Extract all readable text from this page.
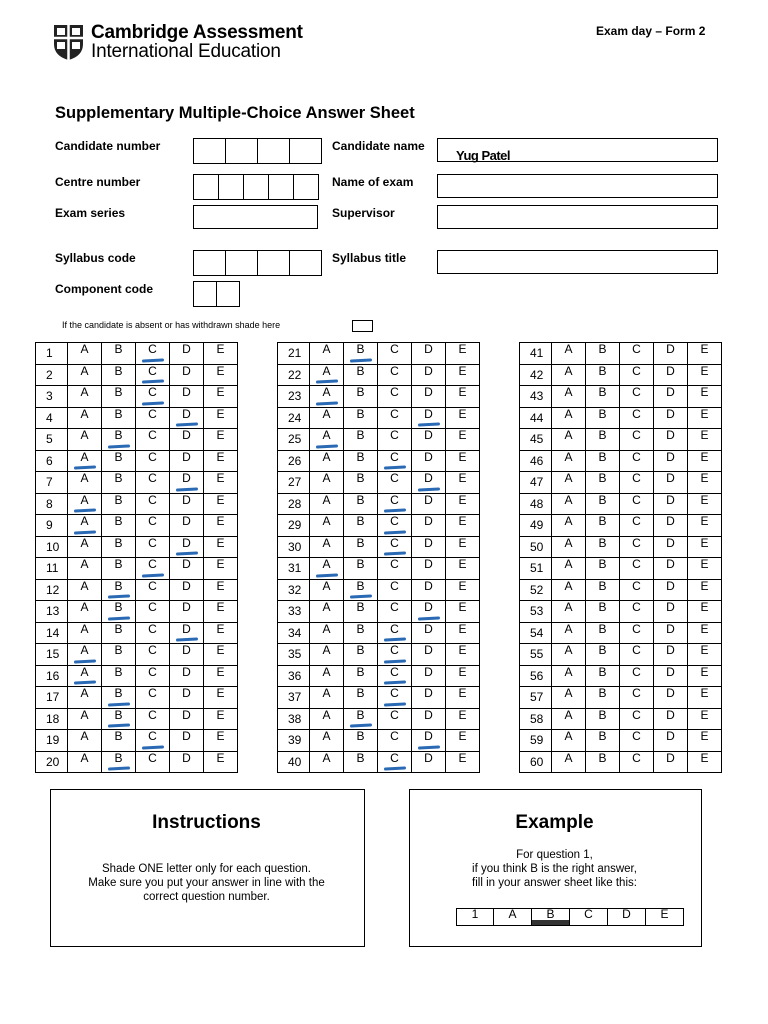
Cambridge Assessment
International Education
Exam day – Form 2
Supplementary Multiple-Choice Answer Sheet
Candidate number
Centre number
Exam series
Syllabus code
Component code
Candidate name
Yug Patel
Name of exam
Supervisor
Syllabus title
If the candidate is absent or has withdrawn shade here
1	A	B	C	D	E
2	A	B	C	D	E
3	A	B	C	D	E
4	A	B	C	D	E
5	A	B	C	D	E
6	A	B	C	D	E
7	A	B	C	D	E
8	A	B	C	D	E
9	A	B	C	D	E
10	A	B	C	D	E
11	A	B	C	D	E
12	A	B	C	D	E
13	A	B	C	D	E
14	A	B	C	D	E
15	A	B	C	D	E
16	A	B	C	D	E
17	A	B	C	D	E
18	A	B	C	D	E
19	A	B	C	D	E
20	A	B	C	D	E
21	A	B	C	D	E
22	A	B	C	D	E
23	A	B	C	D	E
24	A	B	C	D	E
25	A	B	C	D	E
26	A	B	C	D	E
27	A	B	C	D	E
28	A	B	C	D	E
29	A	B	C	D	E
30	A	B	C	D	E
31	A	B	C	D	E
32	A	B	C	D	E
33	A	B	C	D	E
34	A	B	C	D	E
35	A	B	C	D	E
36	A	B	C	D	E
37	A	B	C	D	E
38	A	B	C	D	E
39	A	B	C	D	E
40	A	B	C	D	E
41	A	B	C	D	E
42	A	B	C	D	E
43	A	B	C	D	E
44	A	B	C	D	E
45	A	B	C	D	E
46	A	B	C	D	E
47	A	B	C	D	E
48	A	B	C	D	E
49	A	B	C	D	E
50	A	B	C	D	E
51	A	B	C	D	E
52	A	B	C	D	E
53	A	B	C	D	E
54	A	B	C	D	E
55	A	B	C	D	E
56	A	B	C	D	E
57	A	B	C	D	E
58	A	B	C	D	E
59	A	B	C	D	E
60	A	B	C	D	E
Instructions
Shade ONE letter only for each question.
Make sure you put your answer in line with the
correct question number.
Example
For question 1,
if you think B is the right answer,
fill in your answer sheet like this:
1	A	B	C	D	E
